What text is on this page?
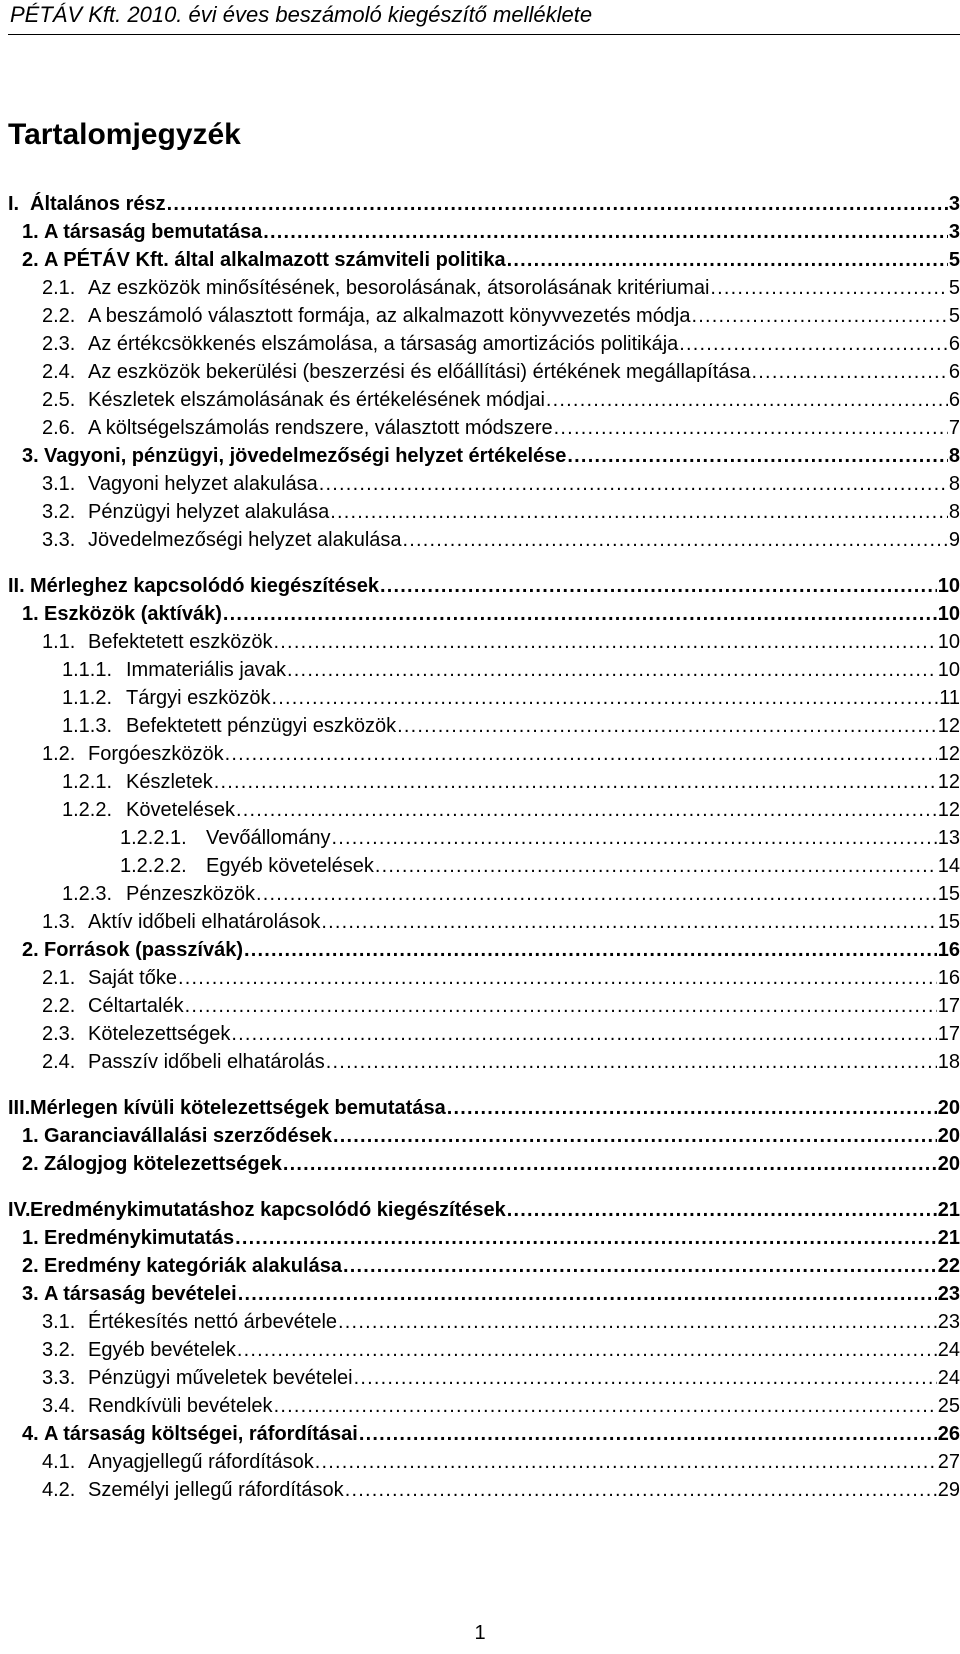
PÉTÁV Kft. 2010. évi éves beszámoló kiegészítő melléklete
Tartalomjegyzék
I. Általános rész .....	3
1. A társaság bemutatása .....	3
2. A PÉTÁV Kft. által alkalmazott számviteli politika .....	5
2.1. Az eszközök minősítésének, besorolásának, átsorolásának kritériumai .....	5
2.2. A beszámoló választott formája, az alkalmazott könyvvezetés módja .....	5
2.3. Az értékcsökkenés elszámolása, a társaság amortizációs politikája .....	6
2.4. Az eszközök bekerülési (beszerzési és előállítási) értékének megállapítása .....	6
2.5. Készletek elszámolásának és értékelésének módjai .....	6
2.6. A költségelszámolás rendszere, választott módszere .....	7
3. Vagyoni, pénzügyi, jövedelmezőségi helyzet értékelése .....	8
3.1. Vagyoni helyzet alakulása .....	8
3.2. Pénzügyi helyzet alakulása .....	8
3.3. Jövedelmezőségi helyzet alakulása .....	9
II. Mérleghez kapcsolódó kiegészítések .....	10
1. Eszközök (aktívák) .....	10
1.1. Befektetett eszközök .....	10
1.1.1. Immateriális javak .....	10
1.1.2. Tárgyi eszközök .....	11
1.1.3. Befektetett pénzügyi eszközök .....	12
1.2. Forgóeszközök .....	12
1.2.1. Készletek .....	12
1.2.2. Követelések .....	12
1.2.2.1. Vevőállomány .....	13
1.2.2.2. Egyéb követelések .....	14
1.2.3. Pénzeszközök .....	15
1.3. Aktív időbeli elhatárolások .....	15
2. Források (passzívák) .....	16
2.1. Saját tőke .....	16
2.2. Céltartalék .....	17
2.3. Kötelezettségek .....	17
2.4. Passzív időbeli elhatárolás .....	18
III. Mérlegen kívüli kötelezettségek bemutatása .....	20
1. Garanciavállalási szerződések .....	20
2. Zálogjog kötelezettségek .....	20
IV. Eredménykimutatáshoz kapcsolódó kiegészítések .....	21
1. Eredménykimutatás .....	21
2. Eredmény kategóriák alakulása .....	22
3. A társaság bevételei .....	23
3.1. Értékesítés nettó árbevétele .....	23
3.2. Egyéb bevételek .....	24
3.3. Pénzügyi műveletek bevételei .....	24
3.4. Rendkívüli bevételek .....	25
4. A társaság költségei, ráfordításai .....	26
4.1. Anyagjellegű ráfordítások .....	27
4.2. Személyi jellegű ráfordítások .....	29
1
